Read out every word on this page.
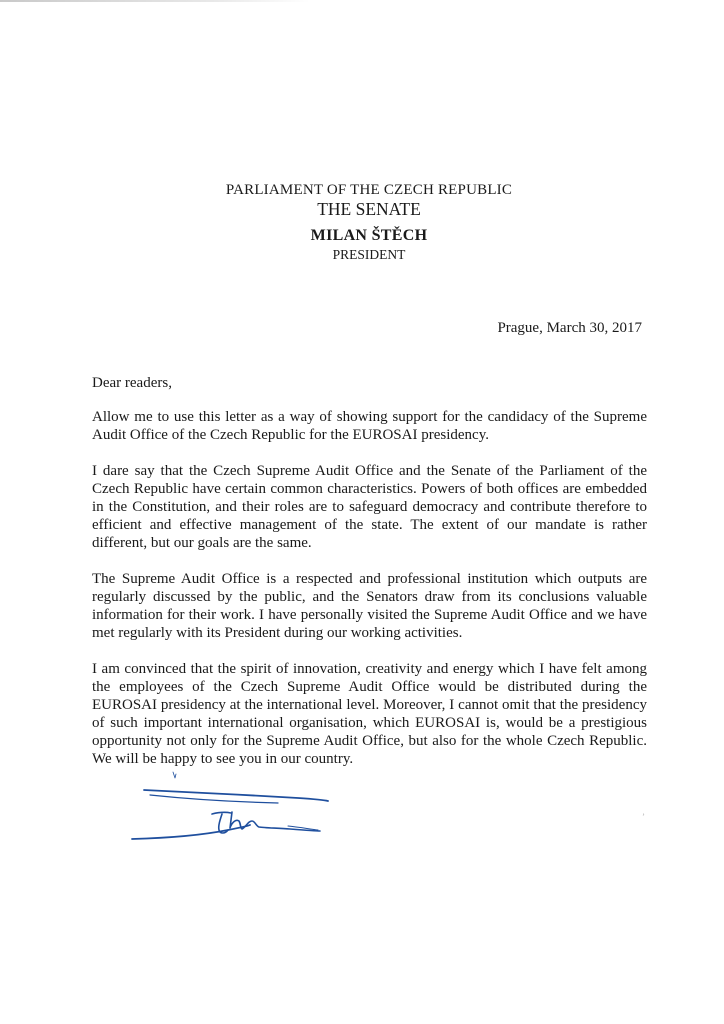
PARLIAMENT OF THE CZECH REPUBLIC
THE SENATE
MILAN ŠTĚCH
PRESIDENT
Prague, March 30, 2017
Dear readers,

Allow me to use this letter as a way of showing support for the candidacy of the Supreme Audit Office of the Czech Republic for the EUROSAI presidency.

I dare say that the Czech Supreme Audit Office and the Senate of the Parliament of the Czech Republic have certain common characteristics. Powers of both offices are embedded in the Constitution, and their roles are to safeguard democracy and contribute therefore to efficient and effective management of the state. The extent of our mandate is rather different, but our goals are the same.

The Supreme Audit Office is a respected and professional institution which outputs are regularly discussed by the public, and the Senators draw from its conclusions valuable information for their work. I have personally visited the Supreme Audit Office and we have met regularly with its President during our working activities.

I am convinced that the spirit of innovation, creativity and energy which I have felt among the employees of the Czech Supreme Audit Office would be distributed during the EUROSAI presidency at the international level. Moreover, I cannot omit that the presidency of such important international organisation, which EUROSAI is, would be a prestigious opportunity not only for the Supreme Audit Office, but also for the whole Czech Republic. We will be happy to see you in our country.

ʼ
